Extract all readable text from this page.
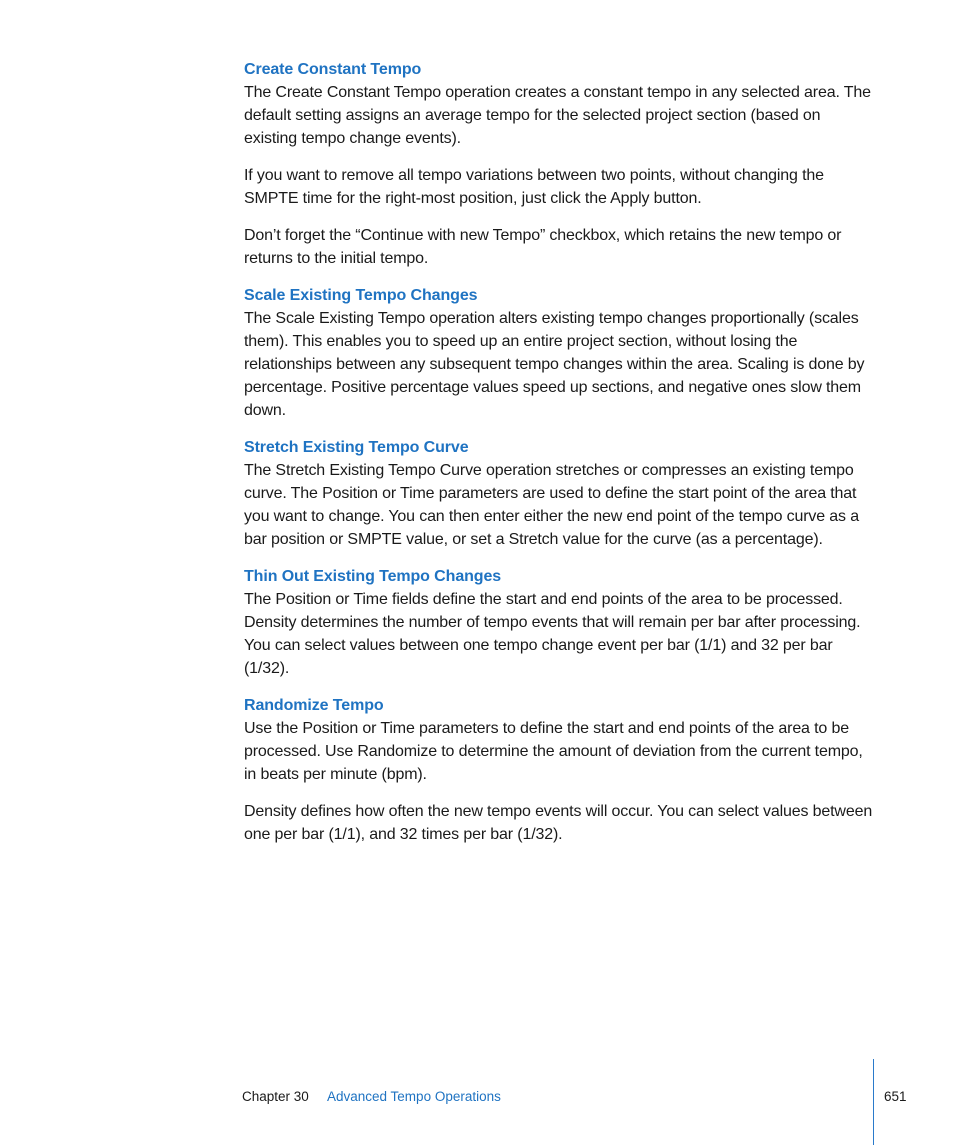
Create Constant Tempo

The Create Constant Tempo operation creates a constant tempo in any selected area. The default setting assigns an average tempo for the selected project section (based on existing tempo change events).

If you want to remove all tempo variations between two points, without changing the SMPTE time for the right-most position, just click the Apply button.

Don’t forget the “Continue with new Tempo” checkbox, which retains the new tempo or returns to the initial tempo.

Scale Existing Tempo Changes

The Scale Existing Tempo operation alters existing tempo changes proportionally (scales them). This enables you to speed up an entire project section, without losing the relationships between any subsequent tempo changes within the area. Scaling is done by percentage. Positive percentage values speed up sections, and negative ones slow them down.

Stretch Existing Tempo Curve

The Stretch Existing Tempo Curve operation stretches or compresses an existing tempo curve. The Position or Time parameters are used to define the start point of the area that you want to change. You can then enter either the new end point of the tempo curve as a bar position or SMPTE value, or set a Stretch value for the curve (as a percentage).

Thin Out Existing Tempo Changes

The Position or Time fields define the start and end points of the area to be processed. Density determines the number of tempo events that will remain per bar after processing. You can select values between one tempo change event per bar (1/1) and 32 per bar (1/32).

Randomize Tempo

Use the Position or Time parameters to define the start and end points of the area to be processed. Use Randomize to determine the amount of deviation from the current tempo, in beats per minute (bpm).

Density defines how often the new tempo events will occur. You can select values between one per bar (1/1), and 32 times per bar (1/32).

Chapter 30 Advanced Tempo Operations	651
